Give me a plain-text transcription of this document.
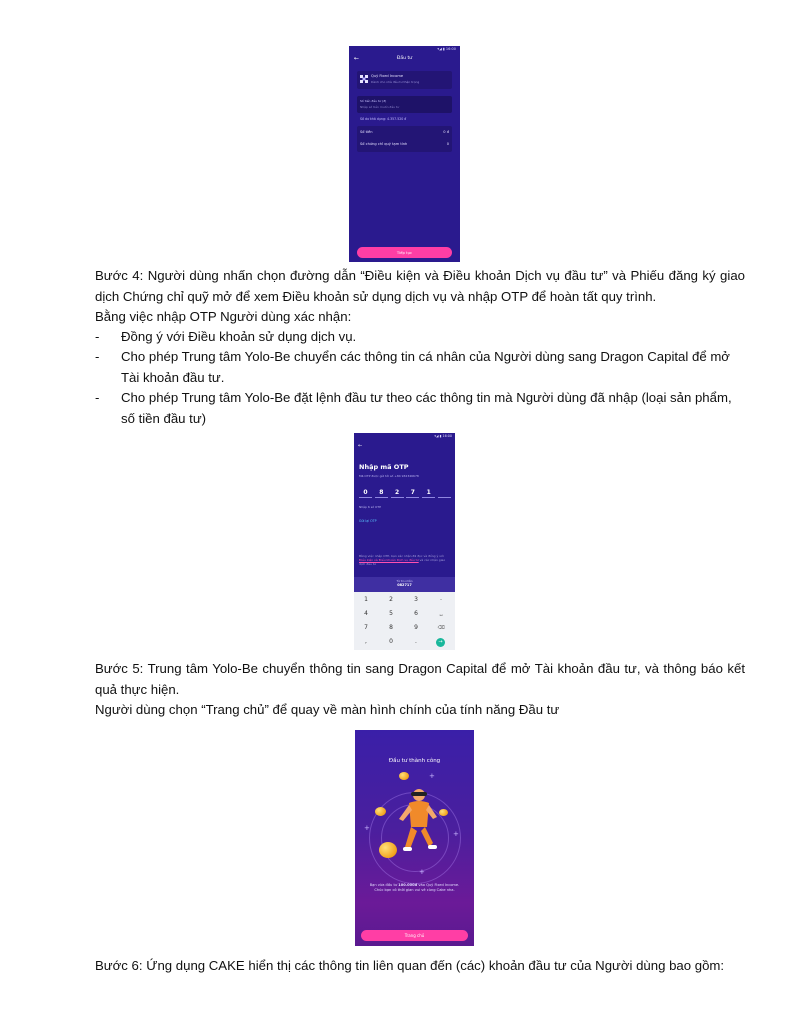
▾◢ ▮ 16:00
←	Đầu tư
Quỹ Fixed Income
Dành cho nhà đầu tư thận trọng
Số tiền đầu tư (đ)
Nhập số tiền muốn đầu tư
Số dư khả dụng: 4.357.520 đ
Số tiền	0 đ
Số chứng chỉ quỹ tạm tính	0
Tiếp tục

Bước 4: Người dùng nhấn chọn đường dẫn “Điều kiện và Điều khoản Dịch vụ đầu tư” và Phiếu đăng ký giao dịch Chứng chỉ quỹ mở để xem Điều khoản sử dụng dịch vụ và nhập OTP để hoàn tất quy trình.

Bằng việc nhập OTP Người dùng xác nhận:

-	Đồng ý với Điều khoản sử dụng dịch vụ.
-	Cho phép Trung tâm Yolo-Be chuyển các thông tin cá nhân của Người dùng sang Dragon Capital để mở Tài khoản đầu tư.
-	Cho phép Trung tâm Yolo-Be đặt lệnh đầu tư theo các thông tin mà Người dùng đã nhập (loại sản phẩm, số tiền đầu tư)
▾◢ ▮ 16:00
←
Nhập mã OTP
Mã OTP được gửi tới số +84 932346678
0	8	2	7	1
Nhập 6 số OTP
Gửi lại OTP
Bằng việc nhập OTP, bạn xác nhận đã đọc và đồng ý với Điều kiện và Điều khoản Dịch vụ đầu tư và các nhận giao dịch đầu tư
Từ tin nhắn
082717
1	2	3	-
4	5	6	␣
7	8	9	⌫
,	0	.	→

Bước 5: Trung tâm Yolo-Be chuyển thông tin sang Dragon Capital để mở Tài khoản đầu tư, và thông báo kết quả thực hiện.

Người dùng chọn “Trang chủ” để quay về màn hình chính của tính năng Đầu tư

Đầu tư thành công
+
+
+
+
Bạn vừa đầu tư 100.000đ vào Quỹ Fixed Income. Chúc bạn có thời gian vui vẻ cùng Cake nha.
Trang chủ

Bước 6: Ứng dụng CAKE hiển thị các thông tin liên quan đến (các) khoản đầu tư của Người dùng bao gồm:
